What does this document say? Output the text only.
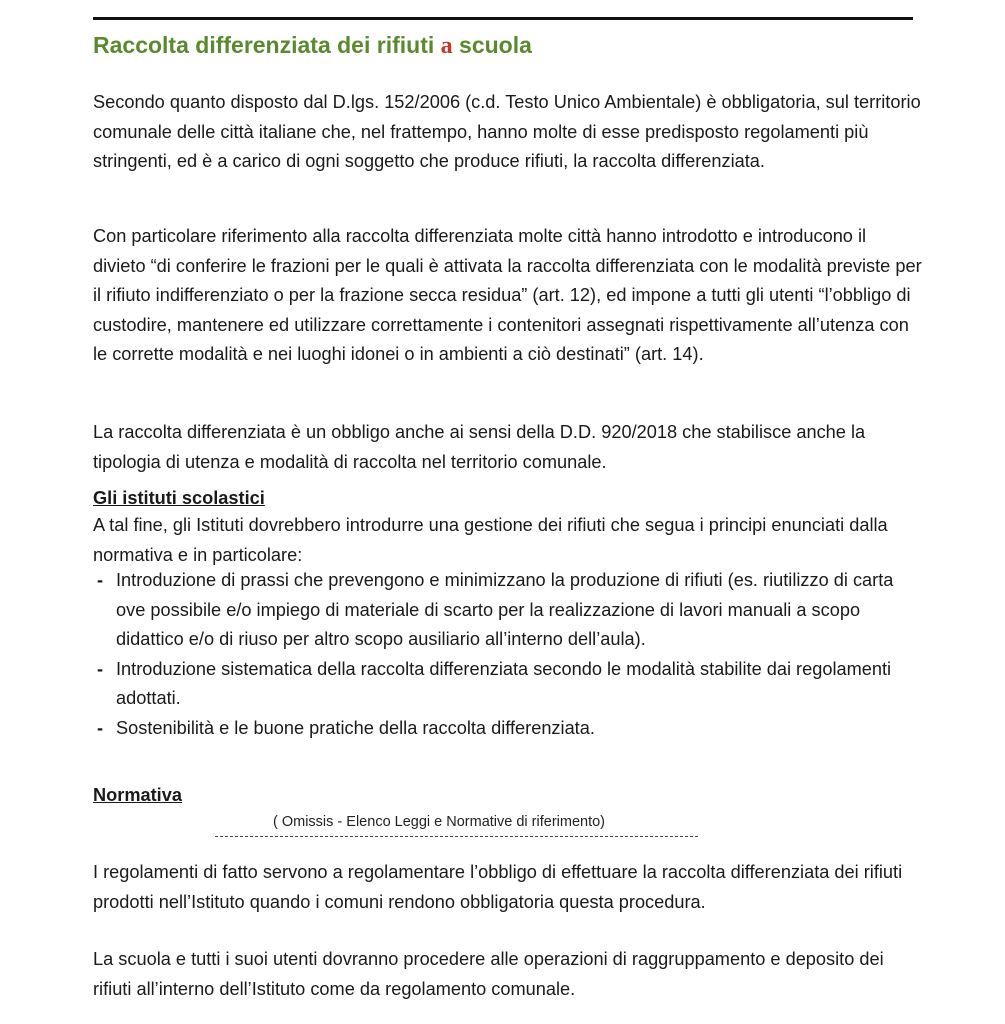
Raccolta differenziata dei rifiuti a scuola
Secondo quanto disposto dal D.lgs. 152/2006 (c.d. Testo Unico Ambientale) è obbligatoria, sul territorio comunale delle città italiane che, nel frattempo, hanno molte di esse predisposto regolamenti più stringenti, ed è a carico di ogni soggetto che produce rifiuti, la raccolta differenziata.
Con particolare riferimento alla raccolta differenziata molte città hanno introdotto e introducono il divieto “di conferire le frazioni per le quali è attivata la raccolta differenziata con le modalità previste per il rifiuto indifferenziato o per la frazione secca residua” (art. 12), ed impone a tutti gli utenti “l’obbligo di custodire, mantenere ed utilizzare correttamente i contenitori assegnati rispettivamente all’utenza con le corrette modalità e nei luoghi idonei o in ambienti a ciò destinati” (art. 14).
La raccolta differenziata è un obbligo anche ai sensi della D.D. 920/2018 che stabilisce anche la tipologia di utenza e modalità di raccolta nel territorio comunale.
Gli istituti scolastici
A tal fine, gli Istituti dovrebbero introdurre una gestione dei rifiuti che segua i principi enunciati dalla normativa e in particolare:
- Introduzione di prassi che prevengono e minimizzano la produzione di rifiuti (es. riutilizzo di carta ove possibile e/o impiego di materiale di scarto per la realizzazione di lavori manuali a scopo didattico e/o di riuso per altro scopo ausiliario all’interno dell’aula).
- Introduzione sistematica della raccolta differenziata secondo le modalità stabilite dai regolamenti adottati.
- Sostenibilità e le buone pratiche della raccolta differenziata.
Normativa
( Omissis - Elenco Leggi e Normative di riferimento)
I regolamenti di fatto servono a regolamentare l’obbligo di effettuare la raccolta differenziata dei rifiuti prodotti nell’Istituto quando i comuni rendono obbligatoria questa procedura.
La scuola e tutti i suoi utenti dovranno procedere alle operazioni di raggruppamento e deposito dei rifiuti all’interno dell’Istituto come da regolamento comunale.
